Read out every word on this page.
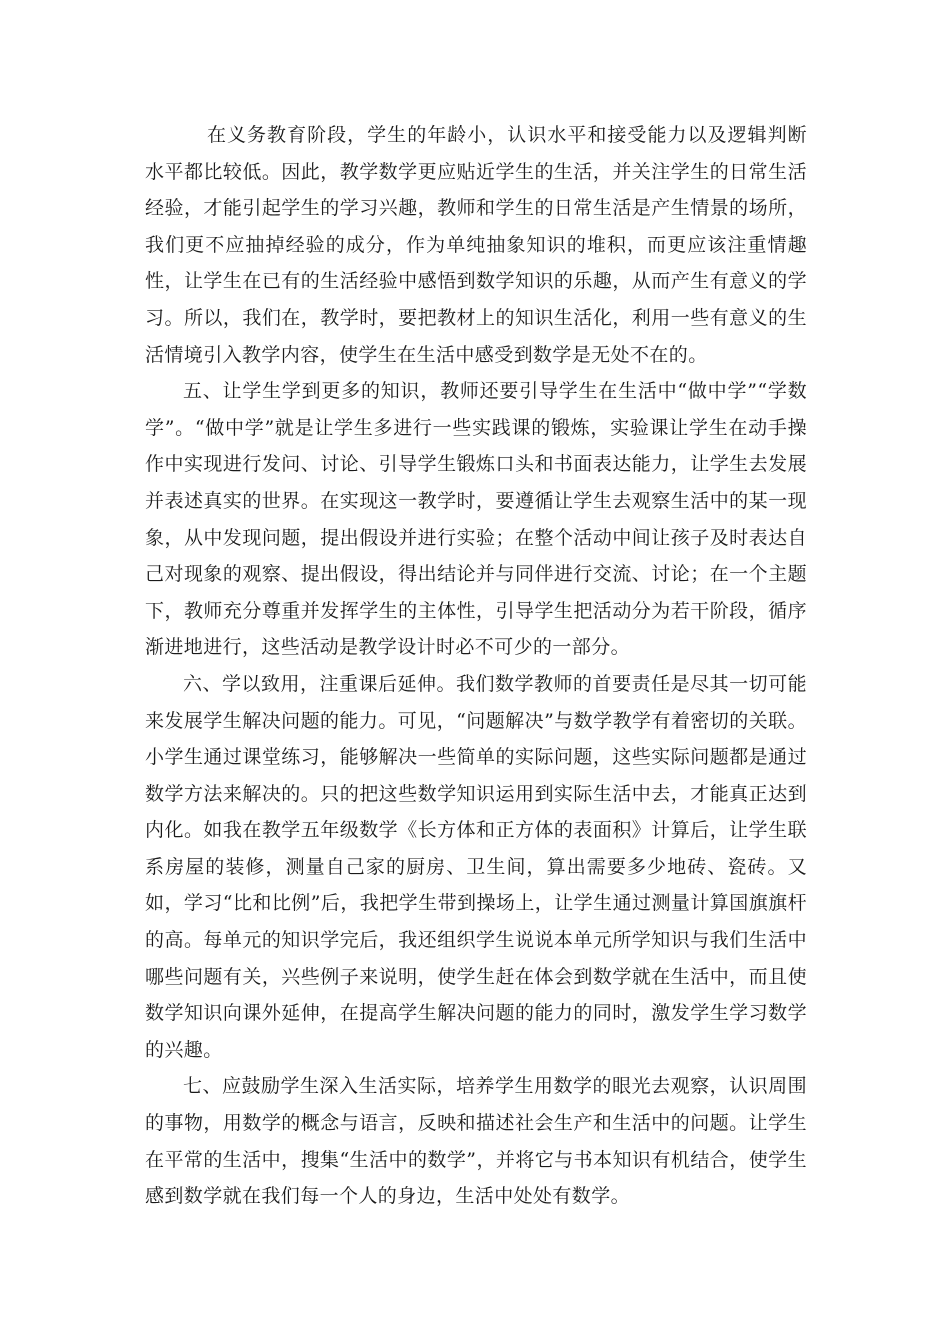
在义务教育阶段，学生的年龄小，认识水平和接受能力以及逻辑判断水平都比较低。因此，教学数学更应贴近学生的生活，并关注学生的日常生活经验，才能引起学生的学习兴趣，教师和学生的日常生活是产生情景的场所，我们更不应抽掉经验的成分，作为单纯抽象知识的堆积，而更应该注重情趣性，让学生在已有的生活经验中感悟到数学知识的乐趣，从而产生有意义的学习。所以，我们在，教学时，要把教材上的知识生活化，利用一些有意义的生活情境引入教学内容，使学生在生活中感受到数学是无处不在的。

五、让学生学到更多的知识，教师还要引导学生在生活中“做中学”“学数学”。“做中学”就是让学生多进行一些实践课的锻炼，实验课让学生在动手操作中实现进行发问、讨论、引导学生锻炼口头和书面表达能力，让学生去发展并表述真实的世界。在实现这一教学时，要遵循让学生去观察生活中的某一现象，从中发现问题，提出假设并进行实验；在整个活动中间让孩子及时表达自己对现象的观察、提出假设，得出结论并与同伴进行交流、讨论；在一个主题下，教师充分尊重并发挥学生的主体性，引导学生把活动分为若干阶段，循序渐进地进行，这些活动是教学设计时必不可少的一部分。

六、学以致用，注重课后延伸。我们数学教师的首要责任是尽其一切可能来发展学生解决问题的能力。可见，“问题解决”与数学教学有着密切的关联。小学生通过课堂练习，能够解决一些简单的实际问题，这些实际问题都是通过数学方法来解决的。只的把这些数学知识运用到实际生活中去，才能真正达到内化。如我在教学五年级数学《长方体和正方体的表面积》计算后，让学生联系房屋的装修，测量自己家的厨房、卫生间，算出需要多少地砖、瓷砖。又如，学习“比和比例”后，我把学生带到操场上，让学生通过测量计算国旗旗杆的高。每单元的知识学完后，我还组织学生说说本单元所学知识与我们生活中哪些问题有关，兴些例子来说明，使学生赶在体会到数学就在生活中，而且使数学知识向课外延伸，在提高学生解决问题的能力的同时，激发学生学习数学的兴趣。

七、应鼓励学生深入生活实际，培养学生用数学的眼光去观察，认识周围的事物，用数学的概念与语言，反映和描述社会生产和生活中的问题。让学生在平常的生活中，搜集“生活中的数学”，并将它与书本知识有机结合，使学生感到数学就在我们每一个人的身边，生活中处处有数学。
